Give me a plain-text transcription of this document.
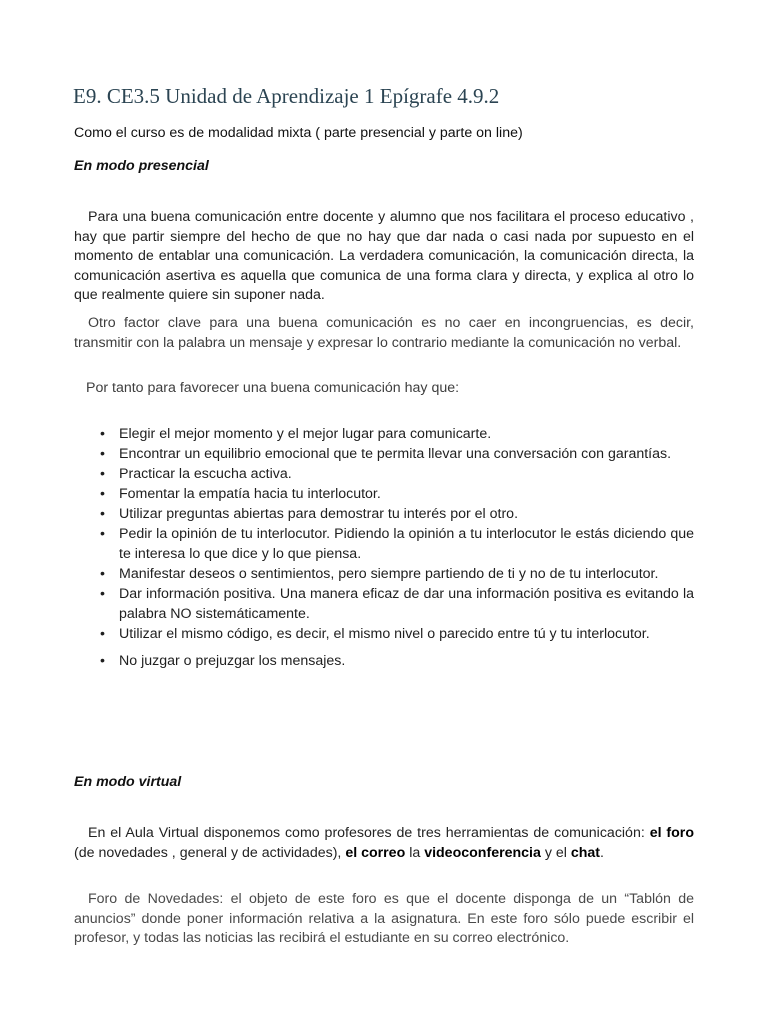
E9. CE3.5 Unidad de Aprendizaje 1 Epígrafe 4.9.2

Como el curso es de modalidad mixta ( parte presencial y parte on line)

En modo presencial

Para una buena comunicación entre docente y alumno que nos facilitara el proceso educativo , hay que partir siempre del hecho de que no hay que dar nada o casi nada por supuesto en el momento de entablar una comunicación. La verdadera comunicación, la comunicación directa, la comunicación asertiva es aquella que comunica de una forma clara y directa, y explica al otro lo que realmente quiere sin suponer nada.

Otro factor clave para una buena comunicación es no caer en incongruencias, es decir, transmitir con la palabra un mensaje y expresar lo contrario mediante la comunicación no verbal.

Por tanto para favorecer una buena comunicación hay que:

• Elegir el mejor momento y el mejor lugar para comunicarte.
• Encontrar un equilibrio emocional que te permita llevar una conversación con garantías.
• Practicar la escucha activa.
• Fomentar la empatía hacia tu interlocutor.
• Utilizar preguntas abiertas para demostrar tu interés por el otro.
• Pedir la opinión de tu interlocutor. Pidiendo la opinión a tu interlocutor le estás diciendo que te interesa lo que dice y lo que piensa.
• Manifestar deseos o sentimientos, pero siempre partiendo de ti y no de tu interlocutor.
• Dar información positiva. Una manera eficaz de dar una información positiva es evitando la palabra NO sistemáticamente.
• Utilizar el mismo código, es decir, el mismo nivel o parecido entre tú y tu interlocutor.
• No juzgar o prejuzgar los mensajes.

En modo virtual

En el Aula Virtual disponemos como profesores de tres herramientas de comunicación: el foro (de novedades , general y de actividades), el correo la videoconferencia y el chat.

Foro de Novedades: el objeto de este foro es que el docente disponga de un “Tablón de anuncios” donde poner información relativa a la asignatura. En este foro sólo puede escribir el profesor, y todas las noticias las recibirá el estudiante en su correo electrónico.
